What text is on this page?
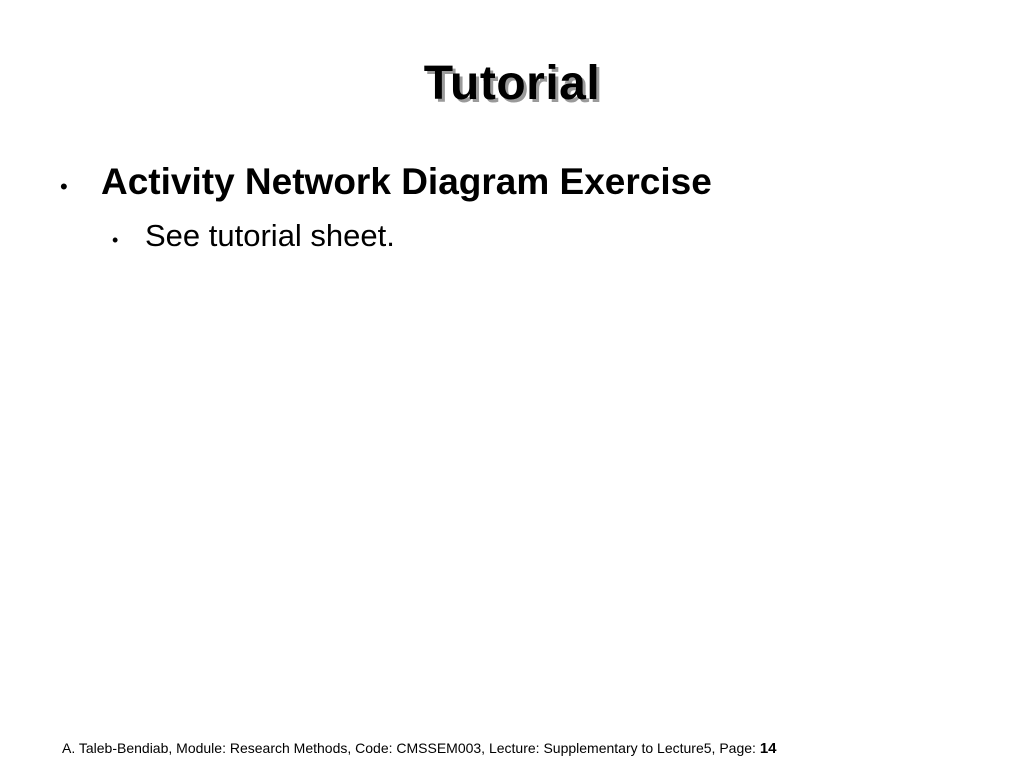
Tutorial
• Activity Network Diagram Exercise
• See tutorial sheet.
A. Taleb-Bendiab, Module: Research Methods, Code: CMSSEM003, Lecture: Supplementary to Lecture5, Page: 14
